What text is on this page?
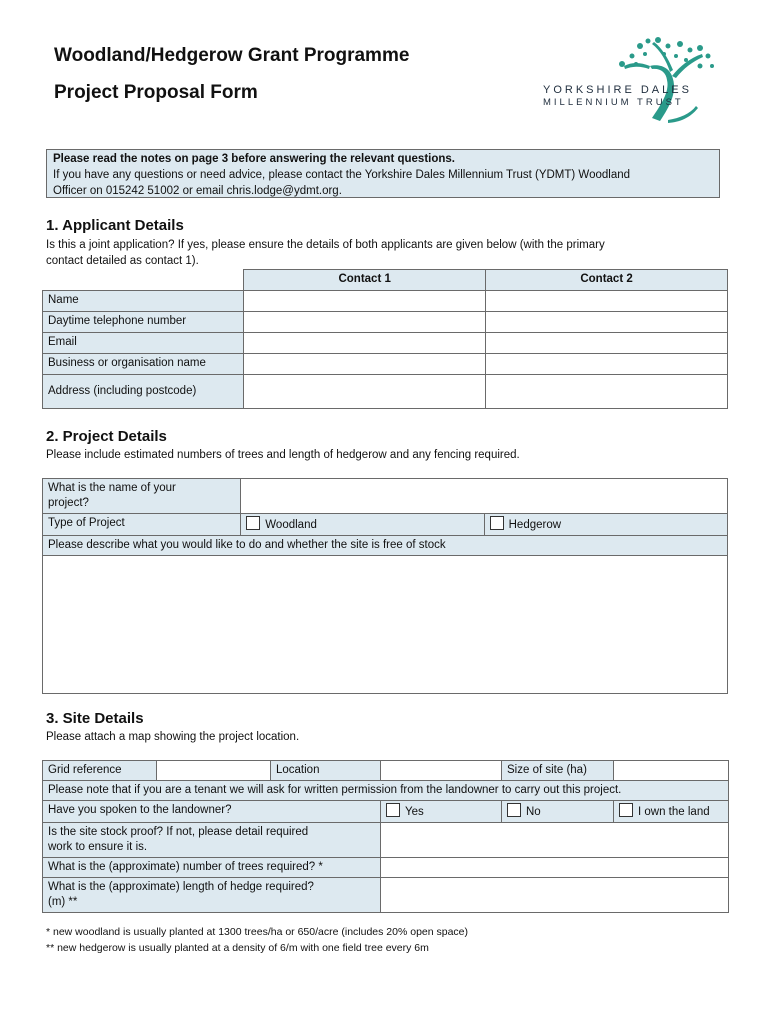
Woodland/Hedgerow Grant Programme
Project Proposal Form	YORKSHIRE DALES
MILLENNIUM TRUST
Please read the notes on page 3 before answering the relevant questions.
If you have any questions or need advice, please contact the Yorkshire Dales Millennium Trust (YDMT) Woodland
Officer on 015242 51002 or email chris.lodge@ydmt.org.
1. Applicant Details
Is this a joint application? If yes, please ensure the details of both applicants are given below (with the primary
contact detailed as contact 1).
	Contact 1	Contact 2
Name		
Daytime telephone number		
Email		
Business or organisation name		
Address (including postcode)		
2. Project Details
Please include estimated numbers of trees and length of hedgerow and any fencing required.
What is the name of your
project?		

Type of Project	Woodland	Hedgerow
Please describe what you would like to do and whether the site is free of stock		

3. Site Details
Please attach a map showing the project location.
Grid reference		Location		Size of site (ha)	
Please note that if you are a tenant we will ask for written permission from the landowner to carry out this project.					
Have you spoken to the landowner?			Yes	No	I own the land

Is the site stock proof? If not, please detail required
work to ensure it is.					

What is the (approximate) number of trees required? *					

What is the (approximate) length of hedge required?
(m) **					

* new woodland is usually planted at 1300 trees/ha or 650/acre (includes 20% open space)
** new hedgerow is usually planted at a density of 6/m with one field tree every 6m
